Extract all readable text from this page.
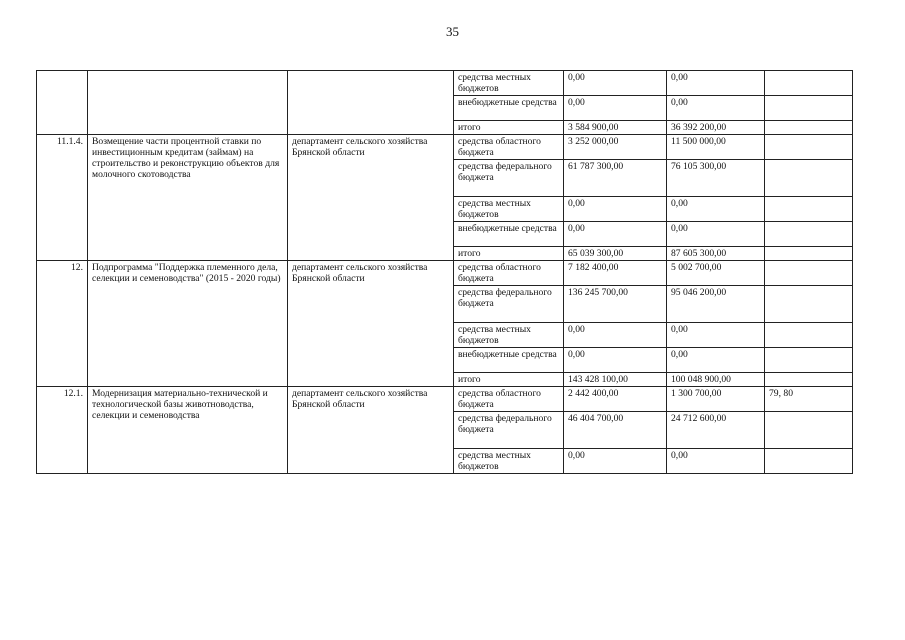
35
			средства местных бюджетов	0,00	0,00	
			внебюджетные средства	0,00	0,00	
			итого	3 584 900,00	36 392 200,00	
11.1.4.	Возмещение части процентной ставки по инвестиционным кредитам (займам) на строительство и реконструкцию объектов для молочного скотоводства	департамент сельского хозяйства Брянской области	средства областного бюджета	3 252 000,00	11 500 000,00	
			средства федерального бюджета	61 787 300,00	76 105 300,00	
			средства местных бюджетов	0,00	0,00	
			внебюджетные средства	0,00	0,00	
			итого	65 039 300,00	87 605 300,00	
12.	Подпрограмма "Поддержка племенного дела, селекции и семеноводства" (2015 - 2020 годы)	департамент сельского хозяйства Брянской области	средства областного бюджета	7 182 400,00	5 002 700,00	
			средства федерального бюджета	136 245 700,00	95 046 200,00	
			средства местных бюджетов	0,00	0,00	
			внебюджетные средства	0,00	0,00	
			итого	143 428 100,00	100 048 900,00	
12.1.	Модернизация материально-технической и технологической базы животноводства, селекции и семеноводства	департамент сельского хозяйства Брянской области	средства областного бюджета	2 442 400,00	1 300 700,00	79, 80
			средства федерального бюджета	46 404 700,00	24 712 600,00	
			средства местных бюджетов	0,00	0,00	
